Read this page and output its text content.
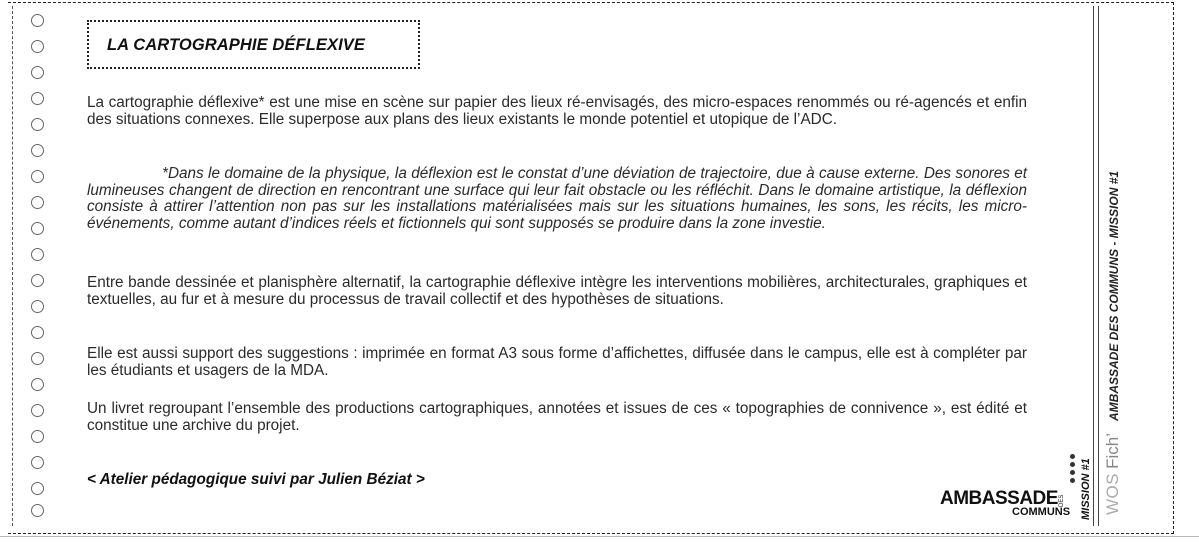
LA CARTOGRAPHIE DÉFLEXIVE

La cartographie déflexive* est une mise en scène sur papier des lieux ré-envisagés, des micro-espaces renommés ou ré-agencés et enfin des situations connexes. Elle superpose aux plans des lieux existants le monde potentiel et utopique de l’ADC.

*Dans le domaine de la physique, la déflexion est le constat d’une déviation de trajectoire, due à cause externe. Des sonores et lumineuses changent de direction en rencontrant une surface qui leur fait obstacle ou les réfléchit. Dans le domaine artistique, la déflexion consiste à attirer l’attention non pas sur les installations matérialisées mais sur les situations humaines, les sons, les récits, les micro-événements, comme autant d’indices réels et fictionnels qui sont supposés se produire dans la zone investie.

Entre bande dessinée et planisphère alternatif, la cartographie déflexive intègre les interventions mobilières, architecturales, graphiques et textuelles, au fur et à mesure du processus de travail collectif et des hypothèses de situations.

Elle est aussi support des suggestions : imprimée en format A3 sous forme d’affichettes, diffusée dans le campus, elle est à compléter par les étudiants et usagers de la MDA.

Un livret regroupant l’ensemble des productions cartographiques, annotées et issues de ces « topographies de connivence », est édité et constitue une archive du projet.

< Atelier pédagogique suivi par Julien Béziat >
AMBASSADE DES
COMMUNS MISSION #1 WOSFich’AMBASSADE DES COMMUNS - MISSION #1
